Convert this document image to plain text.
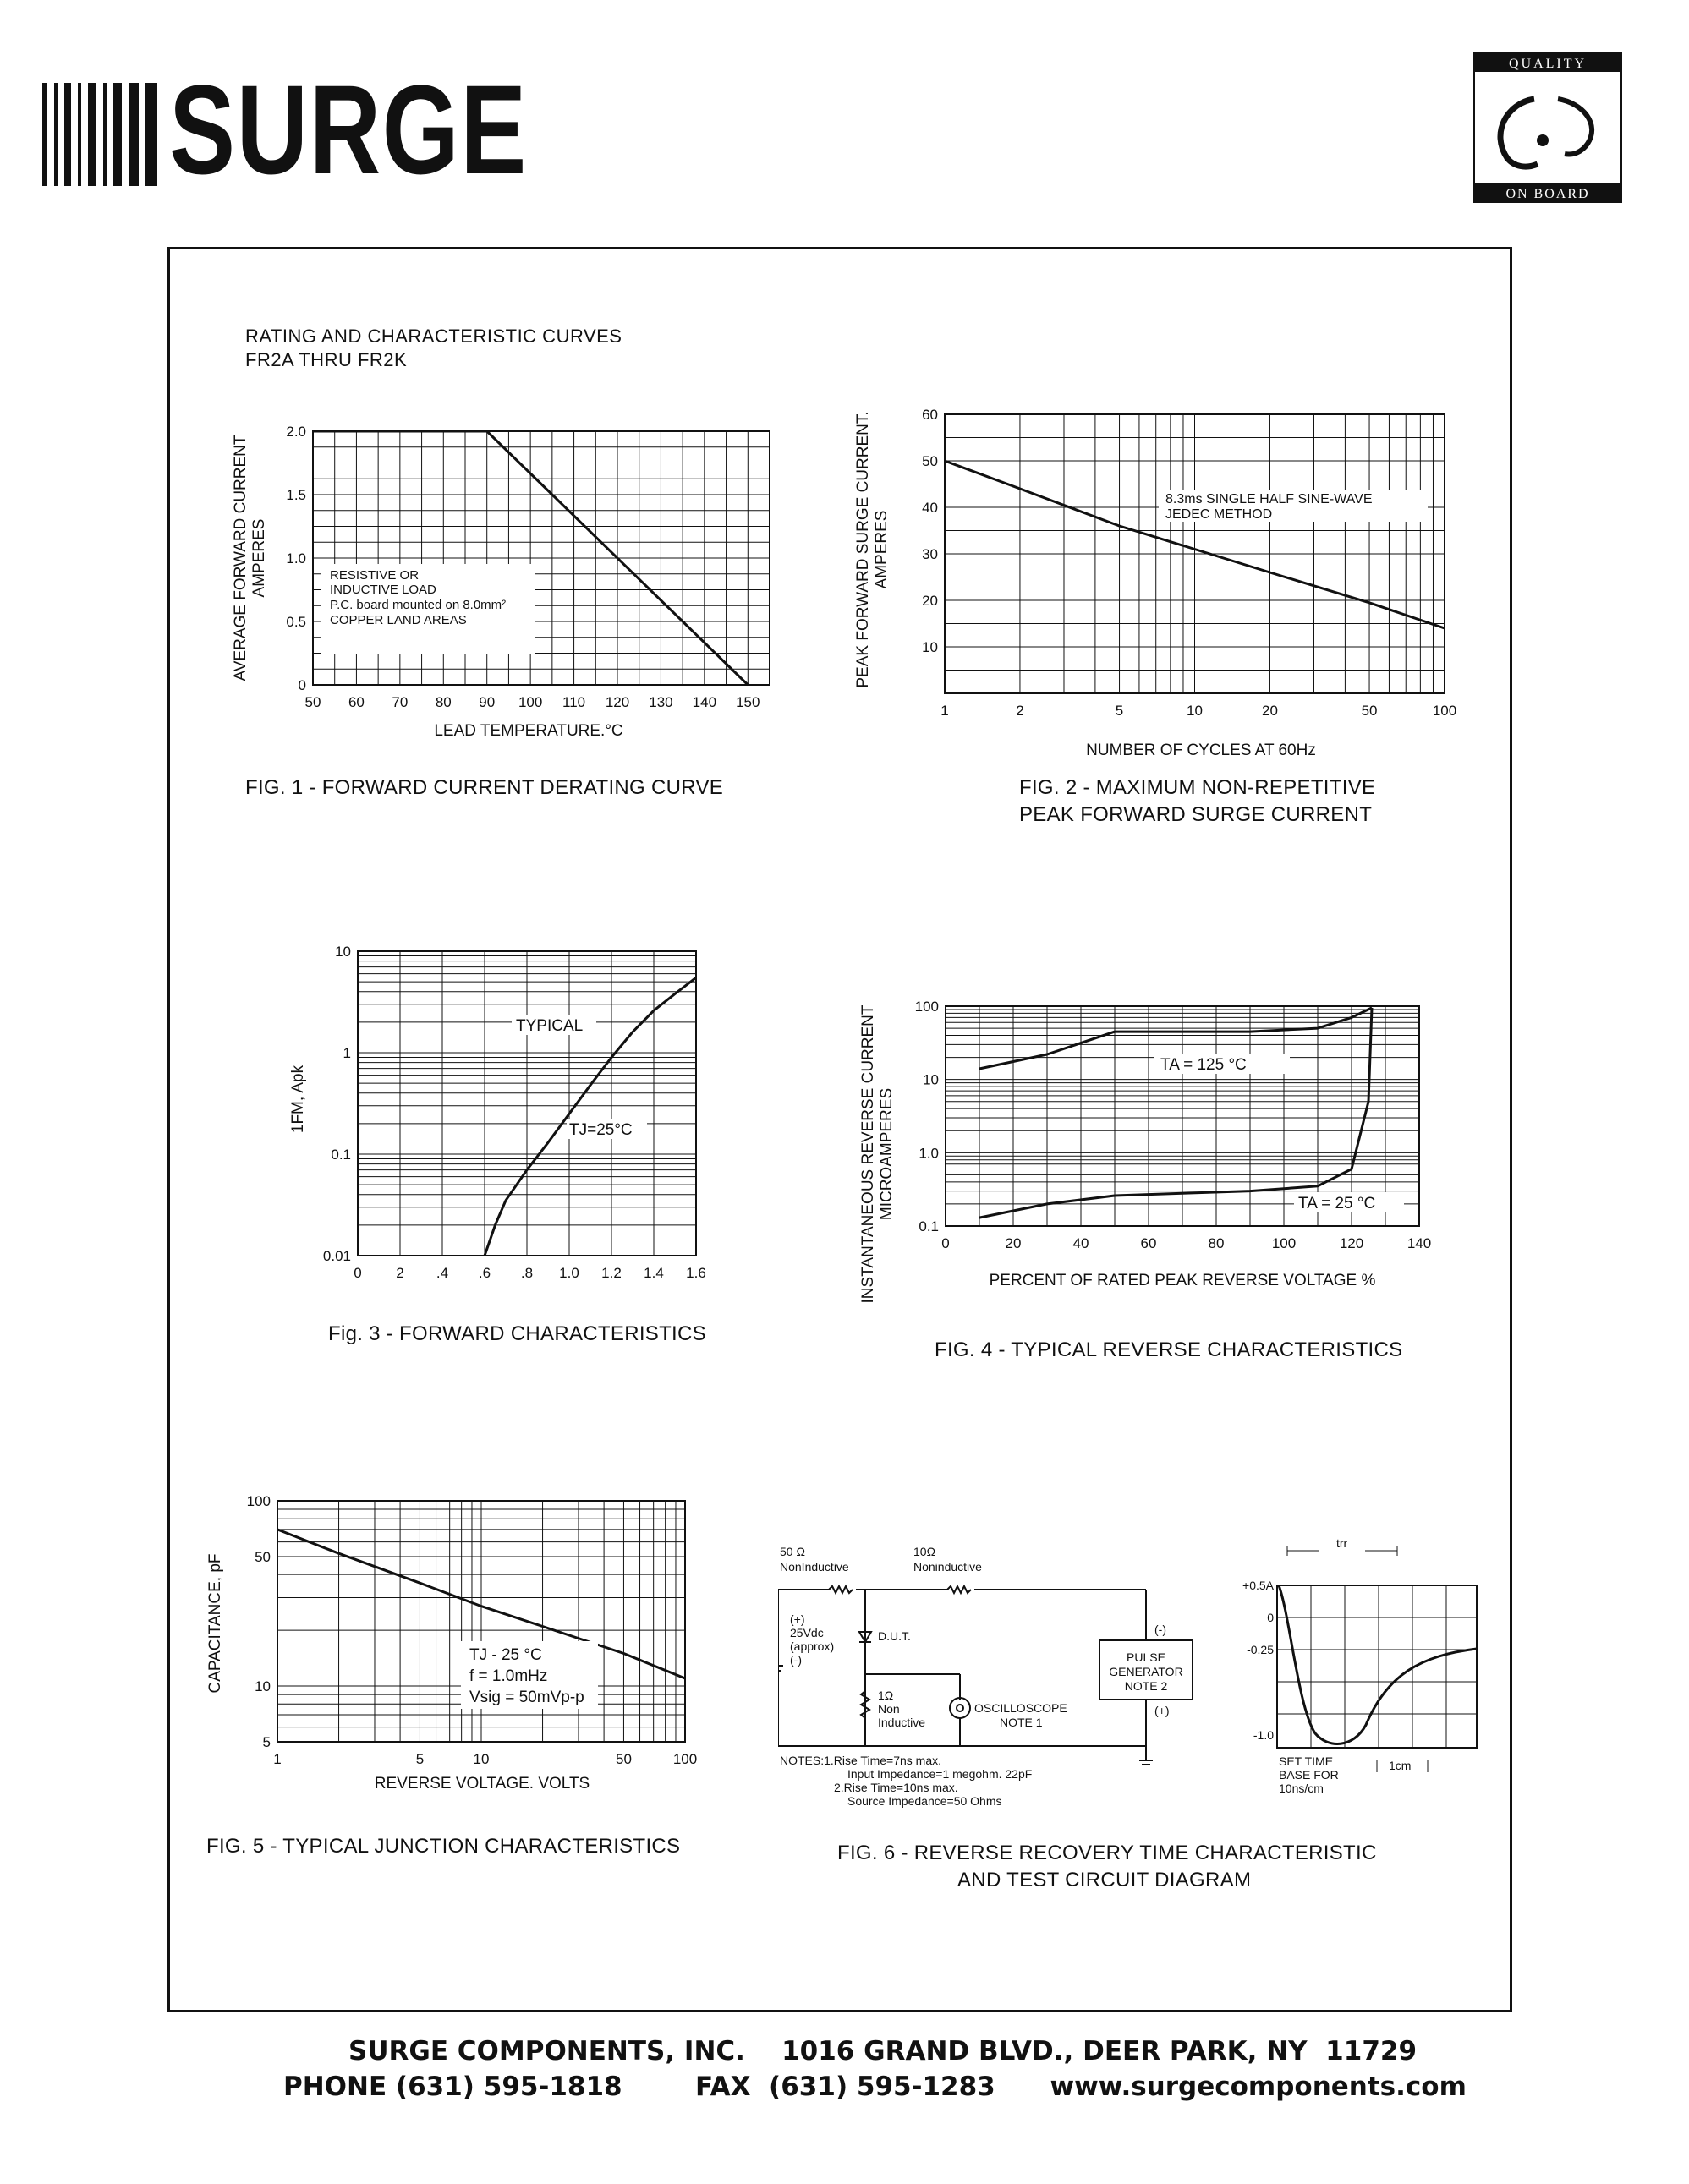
SURGE	QUALITY
ON BOARD
RATING AND CHARACTERISTIC CURVES
FR2A THRU FR2K
50 60 70 80 90 100 110 120 130 140 150
0
0.5
1.0
1.5
2.0
RESISTIVE OR
INDUCTIVE LOAD
P.C. board mounted on 8.0mm²
COPPER LAND AREAS
LEAD TEMPERATURE.°C
AVERAGE FORWARD CURRENT AMPERES
FIG. 1 - FORWARD CURRENT DERATING CURVE
1	2	5	10	20	50	100
10
20
30
40
50
60
8.3ms SINGLE HALF SINE-WAVE
JEDEC METHOD
NUMBER OF CYCLES AT 60Hz
PEAK FORWARD SURGE CURRENT. AMPERES
FIG. 2 - MAXIMUM NON-REPETITIVE
PEAK FORWARD SURGE CURRENT
0 2 .4 .6 .8 1.0 1.2 1.4 1.6
0.01
0.1
1
10
TYPICAL
TJ=25°C
1FM, Apk
Fig. 3 - FORWARD CHARACTERISTICS
0	20	40	60	80	100	120	140
0.1
1.0
10
100
TA = 125 °C
TA = 25 °C
PERCENT OF RATED PEAK REVERSE VOLTAGE %
INSTANTANEOUS REVERSE CURRENT MICROAMPERES
FIG. 4 - TYPICAL REVERSE CHARACTERISTICS
1	5	10	50	100
5
10
50
100
TJ - 25 °C
f = 1.0mHz
Vsig = 50mVp-p
REVERSE VOLTAGE. VOLTS
CAPACITANCE, pF
FIG. 5 - TYPICAL JUNCTION CHARACTERISTICS
50 Ω
NonInductive
10Ω
Noninductive
(+)
25Vdc
(approx)
(-)
D.U.T.
1Ω
Non
Inductive
OSCILLOSCOPE
NOTE 1
PULSE
GENERATOR
NOTE 2
(-)
(+)
NOTES:1.Rise Time=7ns max.
Input Impedance=1 megohm. 22pF
2.Rise Time=10ns max.
Source Impedance=50 Ohms
trr
+0.5A
0
-0.25
-1.0
SET TIME
BASE FOR
10ns/cm
1cm
FIG. 6 - REVERSE RECOVERY TIME CHARACTERISTIC
AND TEST CIRCUIT DIAGRAM
SURGE COMPONENTS, INC.    1016 GRAND BLVD., DEER PARK, NY  11729
PHONE (631) 595-1818        FAX  (631) 595-1283      www.surgecomponents.com
